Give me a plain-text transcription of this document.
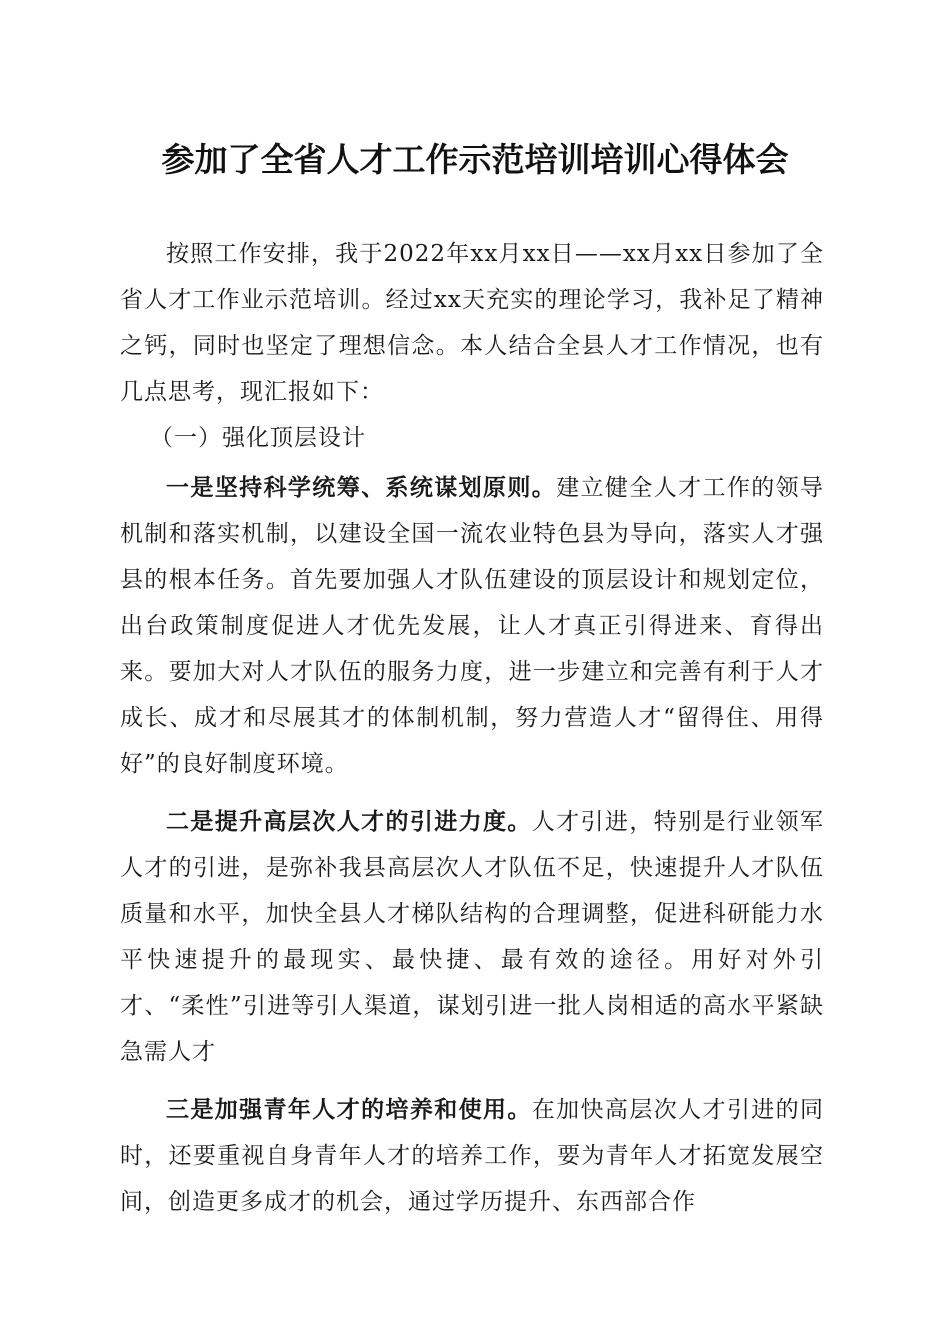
参加了全省人才工作示范培训培训心得体会

按照工作安排，我于2022年xx月xx日——xx月xx日参加了全省人才工作业示范培训。经过xx天充实的理论学习，我补足了精神之钙，同时也坚定了理想信念。本人结合全县人才工作情况，也有几点思考，现汇报如下：

（一）强化顶层设计

一是坚持科学统筹、系统谋划原则。建立健全人才工作的领导机制和落实机制，以建设全国一流农业特色县为导向，落实人才强县的根本任务。首先要加强人才队伍建设的顶层设计和规划定位，出台政策制度促进人才优先发展，让人才真正引得进来、育得出来。要加大对人才队伍的服务力度，进一步建立和完善有利于人才成长、成才和尽展其才的体制机制，努力营造人才“留得住、用得好”的良好制度环境。

二是提升高层次人才的引进力度。人才引进，特别是行业领军人才的引进，是弥补我县高层次人才队伍不足，快速提升人才队伍质量和水平，加快全县人才梯队结构的合理调整，促进科研能力水平快速提升的最现实、最快捷、最有效的途径。用好对外引才、“柔性”引进等引人渠道，谋划引进一批人岗相适的高水平紧缺急需人才

三是加强青年人才的培养和使用。在加快高层次人才引进的同时，还要重视自身青年人才的培养工作，要为青年人才拓宽发展空间，创造更多成才的机会，通过学历提升、东西部合作
